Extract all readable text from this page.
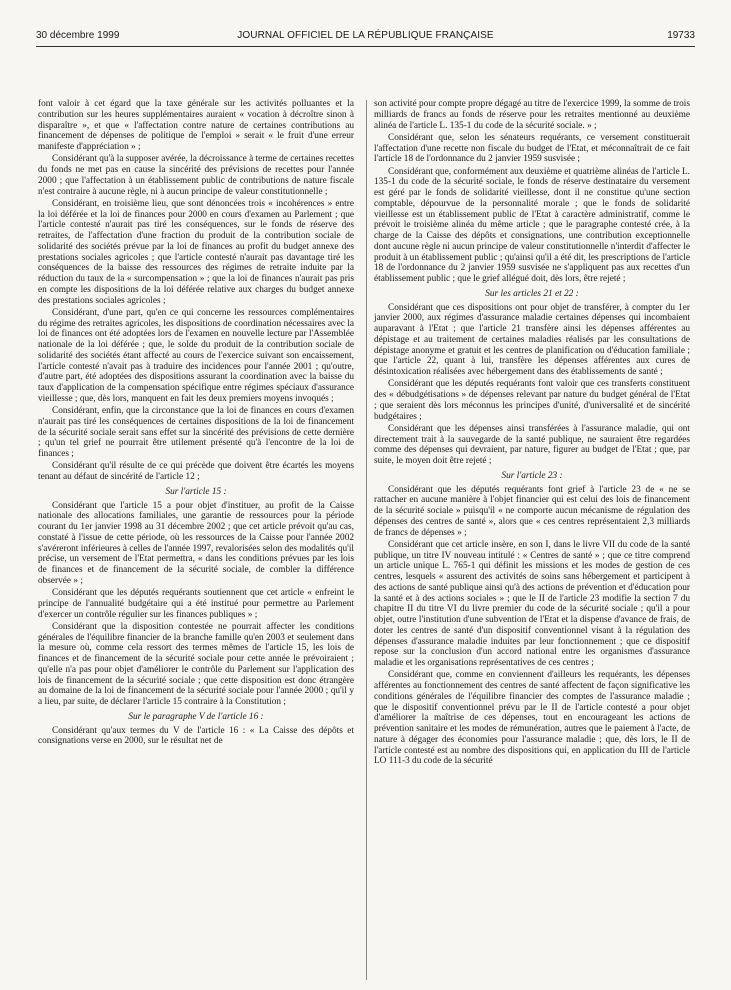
30 décembre 1999	JOURNAL OFFICIEL DE LA RÉPUBLIQUE FRANÇAISE	19733

font valoir à cet égard que la taxe générale sur les activités polluantes et la contribution sur les heures supplémentaires auraient « vocation à décroître sinon à disparaître », et que « l'affectation contre nature de certaines contributions au financement de dépenses de politique de l'emploi » serait « le fruit d'une erreur manifeste d'appréciation » ;

Considérant qu'à la supposer avérée, la décroissance à terme de certaines recettes du fonds ne met pas en cause la sincérité des prévisions de recettes pour l'année 2000 ; que l'affectation à un établissement public de contributions de nature fiscale n'est contraire à aucune règle, ni à aucun principe de valeur constitutionnelle ;

Considérant, en troisième lieu, que sont dénoncées trois « incohérences » entre la loi déférée et la loi de finances pour 2000 en cours d'examen au Parlement ; que l'article contesté n'aurait pas tiré les conséquences, sur le fonds de réserve des retraites, de l'affectation d'une fraction du produit de la contribution sociale de solidarité des sociétés prévue par la loi de finances au profit du budget annexe des prestations sociales agricoles ; que l'article contesté n'aurait pas davantage tiré les conséquences de la baisse des ressources des régimes de retraite induite par la réduction du taux de la « surcompensation » ; que la loi de finances n'aurait pas pris en compte les dispositions de la loi déférée relative aux charges du budget annexe des prestations sociales agricoles ;

Considérant, d'une part, qu'en ce qui concerne les ressources complémentaires du régime des retraites agricoles, les dispositions de coordination nécessaires avec la loi de finances ont été adoptées lors de l'examen en nouvelle lecture par l'Assemblée nationale de la loi déférée ; que, le solde du produit de la contribution sociale de solidarité des sociétés étant affecté au cours de l'exercice suivant son encaissement, l'article contesté n'avait pas à traduire des incidences pour l'année 2001 ; qu'outre, d'autre part, été adoptées des dispositions assurant la coordination avec la baisse du taux d'application de la compensation spécifique entre régimes spéciaux d'assurance vieillesse ; que, dès lors, manquent en fait les deux premiers moyens invoqués ;

Considérant, enfin, que la circonstance que la loi de finances en cours d'examen n'aurait pas tiré les conséquences de certaines dispositions de la loi de financement de la sécurité sociale serait sans effet sur la sincérité des prévisions de cette dernière ; qu'un tel grief ne pourrait être utilement présenté qu'à l'encontre de la loi de finances ;

Considérant qu'il résulte de ce qui précède que doivent être écartés les moyens tenant au défaut de sincérité de l'article 12 ;

Sur l'article 15 :

Considérant que l'article 15 a pour objet d'instituer, au profit de la Caisse nationale des allocations familiales, une garantie de ressources pour la période courant du 1er janvier 1998 au 31 décembre 2002 ; que cet article prévoit qu'au cas, constaté à l'issue de cette période, où les ressources de la Caisse pour l'année 2002 s'avéreront inférieures à celles de l'année 1997, revalorisées selon des modalités qu'il précise, un versement de l'Etat permettra, « dans les conditions prévues par les lois de finances et de financement de la sécurité sociale, de combler la différence observée » ;

Considérant que les députés requérants soutiennent que cet article « enfreint le principe de l'annualité budgétaire qui a été institué pour permettre au Parlement d'exercer un contrôle régulier sur les finances publiques » ;

Considérant que la disposition contestée ne pourrait affecter les conditions générales de l'équilibre financier de la branche famille qu'en 2003 et seulement dans la mesure où, comme cela ressort des termes mêmes de l'article 15, les lois de finances et de financement de la sécurité sociale pour cette année le prévoiraient ; qu'elle n'a pas pour objet d'améliorer le contrôle du Parlement sur l'application des lois de financement de la sécurité sociale ; que cette disposition est donc étrangère au domaine de la loi de financement de la sécurité sociale pour l'année 2000 ; qu'il y a lieu, par suite, de déclarer l'article 15 contraire à la Constitution ;

Sur le paragraphe V de l'article 16 :

Considérant qu'aux termes du V de l'article 16 : « La Caisse des dépôts et consignations verse en 2000, sur le résultat net de

son activité pour compte propre dégagé au titre de l'exercice 1999, la somme de trois milliards de francs au fonds de réserve pour les retraites mentionné au deuxième alinéa de l'article L. 135-1 du code de la sécurité sociale. » ;

Considérant que, selon les sénateurs requérants, ce versement constituerait l'affectation d'une recette non fiscale du budget de l'Etat, et méconnaîtrait de ce fait l'article 18 de l'ordonnance du 2 janvier 1959 susvisée ;

Considérant que, conformément aux deuxième et quatrième alinéas de l'article L. 135-1 du code de la sécurité sociale, le fonds de réserve destinataire du versement est géré par le fonds de solidarité vieillesse, dont il ne constitue qu'une section comptable, dépourvue de la personnalité morale ; que le fonds de solidarité vieillesse est un établissement public de l'Etat à caractère administratif, comme le prévoit le troisième alinéa du même article ; que le paragraphe contesté crée, à la charge de la Caisse des dépôts et consignations, une contribution exceptionnelle dont aucune règle ni aucun principe de valeur constitutionnelle n'interdit d'affecter le produit à un établissement public ; qu'ainsi qu'il a été dit, les prescriptions de l'article 18 de l'ordonnance du 2 janvier 1959 susvisée ne s'appliquent pas aux recettes d'un établissement public ; que le grief allégué doit, dès lors, être rejeté ;

Sur les articles 21 et 22 :

Considérant que ces dispositions ont pour objet de transférer, à compter du 1er janvier 2000, aux régimes d'assurance maladie certaines dépenses qui incombaient auparavant à l'Etat ; que l'article 21 transfère ainsi les dépenses afférentes au dépistage et au traitement de certaines maladies réalisés par les consultations de dépistage anonyme et gratuit et les centres de planification ou d'éducation familiale ; que l'article 22, quant à lui, transfère les dépenses afférentes aux cures de désintoxication réalisées avec hébergement dans des établissements de santé ;

Considérant que les députés requérants font valoir que ces transferts constituent des « débudgétisations » de dépenses relevant par nature du budget général de l'Etat ; que seraient dès lors méconnus les principes d'unité, d'universalité et de sincérité budgétaires ;

Considérant que les dépenses ainsi transférées à l'assurance maladie, qui ont directement trait à la sauvegarde de la santé publique, ne sauraient être regardées comme des dépenses qui devraient, par nature, figurer au budget de l'Etat ; que, par suite, le moyen doit être rejeté ;

Sur l'article 23 :

Considérant que les députés requérants font grief à l'article 23 de « ne se rattacher en aucune manière à l'objet financier qui est celui des lois de financement de la sécurité sociale » puisqu'il « ne comporte aucun mécanisme de régulation des dépenses des centres de santé », alors que « ces centres représentaient 2,3 milliards de francs de dépenses » ;

Considérant que cet article insère, en son I, dans le livre VII du code de la santé publique, un titre IV nouveau intitulé : « Centres de santé » ; que ce titre comprend un article unique L. 765-1 qui définit les missions et les modes de gestion de ces centres, lesquels « assurent des activités de soins sans hébergement et participent à des actions de santé publique ainsi qu'à des actions de prévention et d'éducation pour la santé et à des actions sociales » ; que le II de l'article 23 modifie la section 7 du chapitre II du titre VI du livre premier du code de la sécurité sociale ; qu'il a pour objet, outre l'institution d'une subvention de l'Etat et la dispense d'avance de frais, de doter les centres de santé d'un dispositif conventionnel visant à la régulation des dépenses d'assurance maladie induites par leur fonctionnement ; que ce dispositif repose sur la conclusion d'un accord national entre les organismes d'assurance maladie et les organisations représentatives de ces centres ;

Considérant que, comme en conviennent d'ailleurs les requérants, les dépenses afférentes au fonctionnement des centres de santé affectent de façon significative les conditions générales de l'équilibre financier des comptes de l'assurance maladie ; que le dispositif conventionnel prévu par le II de l'article contesté a pour objet d'améliorer la maîtrise de ces dépenses, tout en encourageant les actions de prévention sanitaire et les modes de rémunération, autres que le paiement à l'acte, de nature à dégager des économies pour l'assurance maladie ; que, dès lors, le II de l'article contesté est au nombre des dispositions qui, en application du III de l'article LO 111-3 du code de la sécurité
